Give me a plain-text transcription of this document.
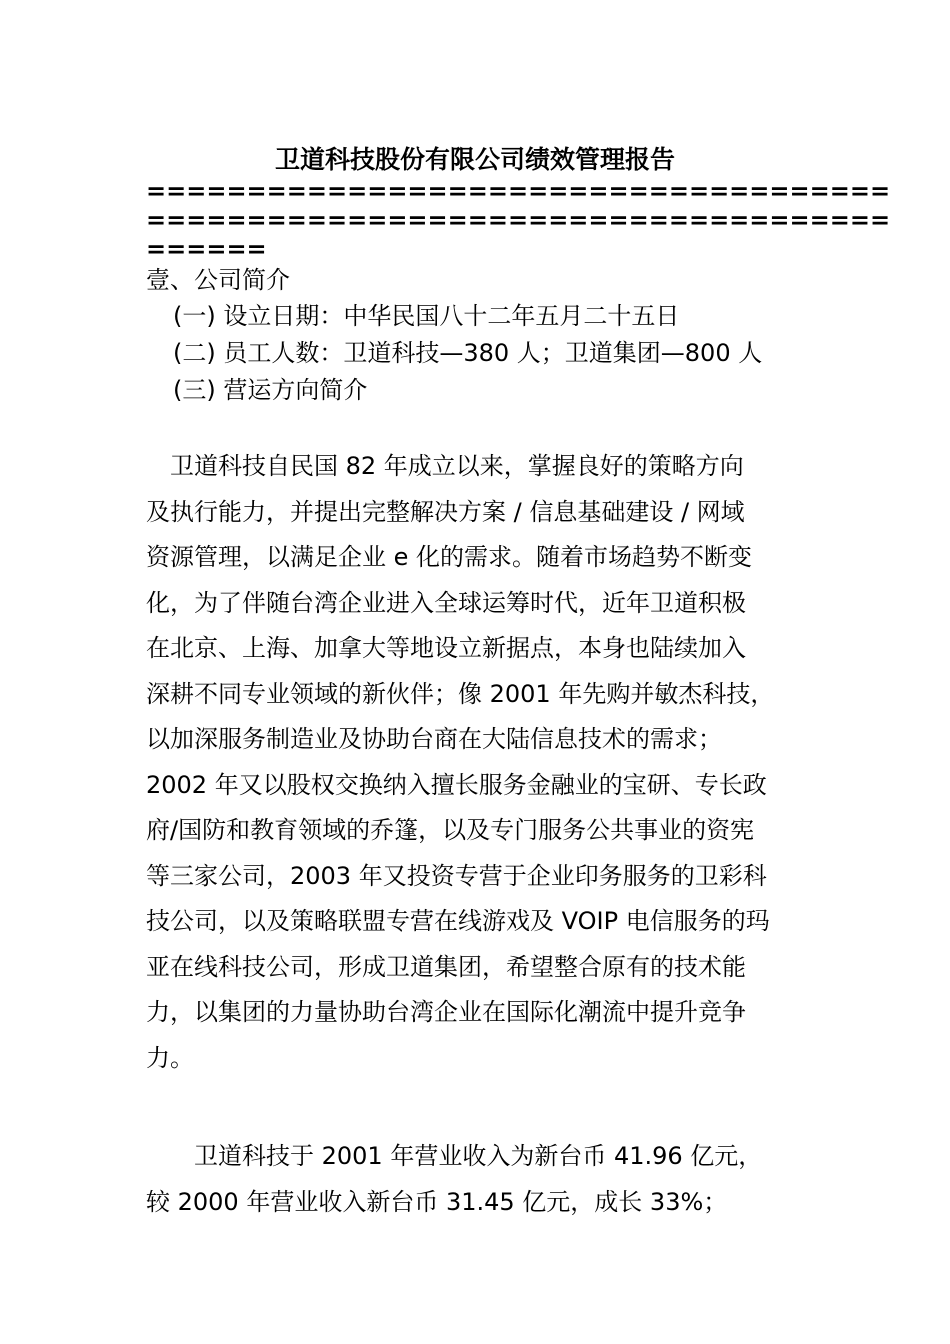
卫道科技股份有限公司绩效管理报告
=====================================
=====================================
======
壹、公司简介
(一) 设立日期：中华民国八十二年五月二十五日
(二) 员工人数：卫道科技—380 人；卫道集团—800 人
(三) 营运方向简介
　卫道科技自民国 82 年成立以来，掌握良好的策略方向
及执行能力，并提出完整解决方案 / 信息基础建设 / 网域
资源管理，以满足企业 e 化的需求。随着市场趋势不断变
化，为了伴随台湾企业进入全球运筹时代，近年卫道积极
在北京、上海、加拿大等地设立新据点，本身也陆续加入
深耕不同专业领域的新伙伴；像 2001 年先购并敏杰科技，
以加深服务制造业及协助台商在大陆信息技术的需求；
2002 年又以股权交换纳入擅长服务金融业的宝研、专长政
府/国防和教育领域的乔篷，以及专门服务公共事业的资宪
等三家公司，2003 年又投资专营于企业印务服务的卫彩科
技公司，以及策略联盟专营在线游戏及 VOIP 电信服务的玛
亚在线科技公司，形成卫道集团，希望整合原有的技术能
力，以集团的力量协助台湾企业在国际化潮流中提升竞争
力。
　　卫道科技于 2001 年营业收入为新台币 41.96 亿元，
较 2000 年营业收入新台币 31.45 亿元，成长 33%；
